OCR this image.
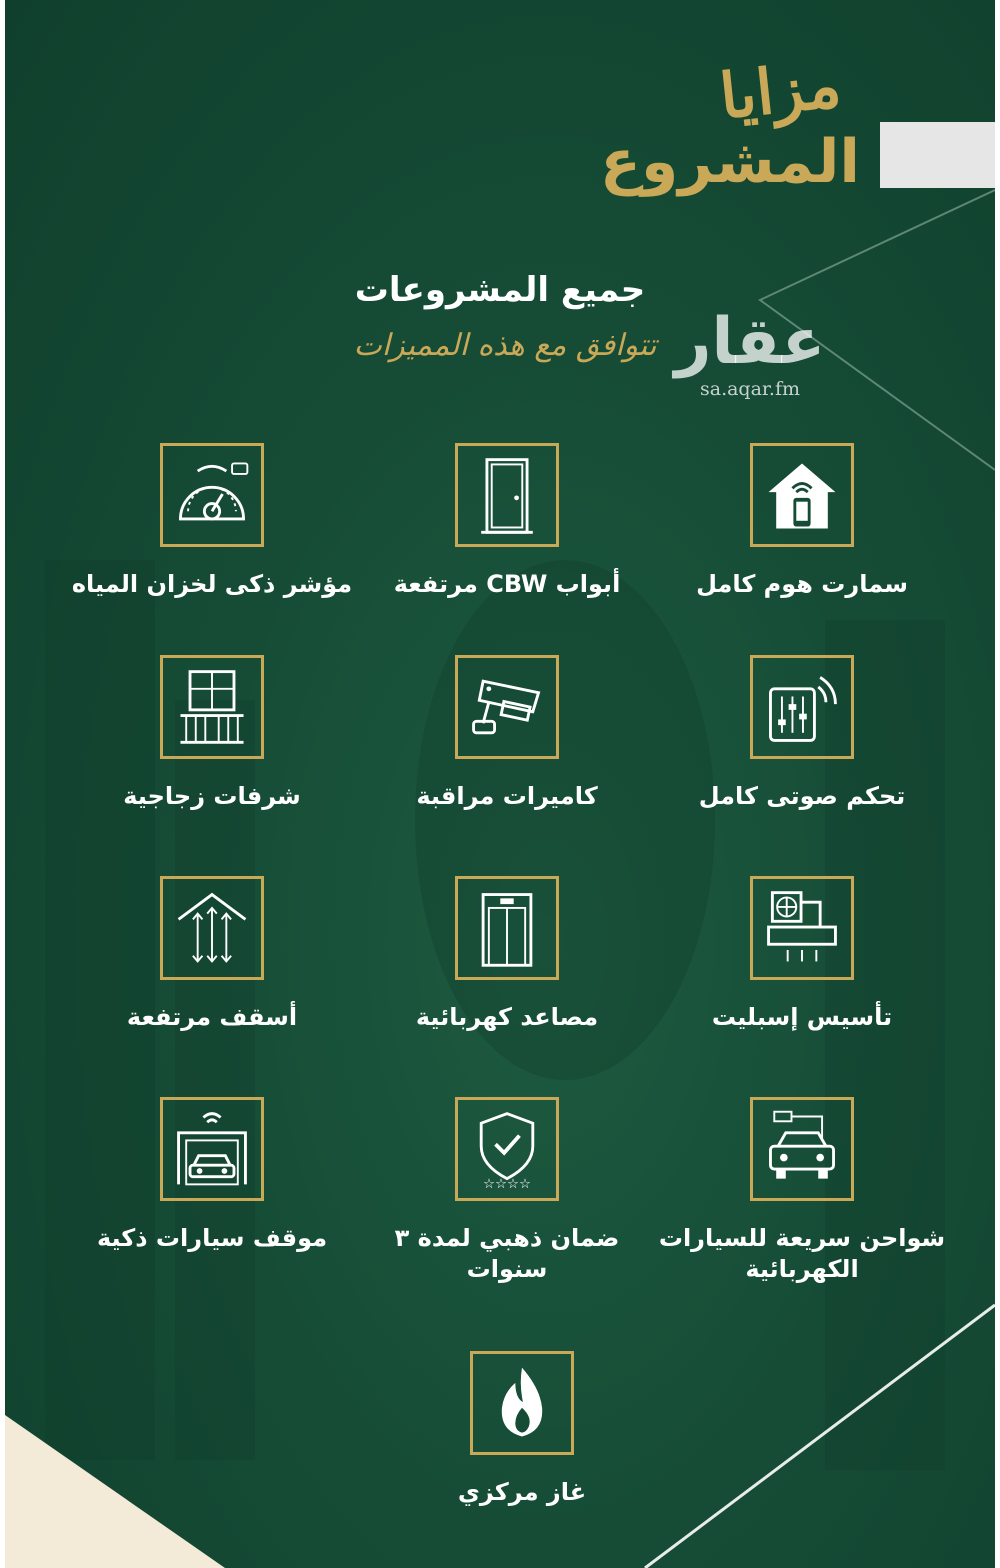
مزايا
المشروع
جميع المشروعات
تتوافق مع هذه المميزات عقار
sa.aqar.fm
سمارت هوم كامل
أبواب CBW مرتفعة
مؤشر ذكى لخزان المياه
تحكم صوتى كامل
كاميرات مراقبة
شرفات زجاجية
تأسيس إسبليت
مصاعد كهربائية
أسقف مرتفعة
شواحن سريعة للسيارات الكهربائية
☆☆☆☆
ضمان ذهبي لمدة ٣ سنوات
موقف سيارات ذكية
غاز مركزي
